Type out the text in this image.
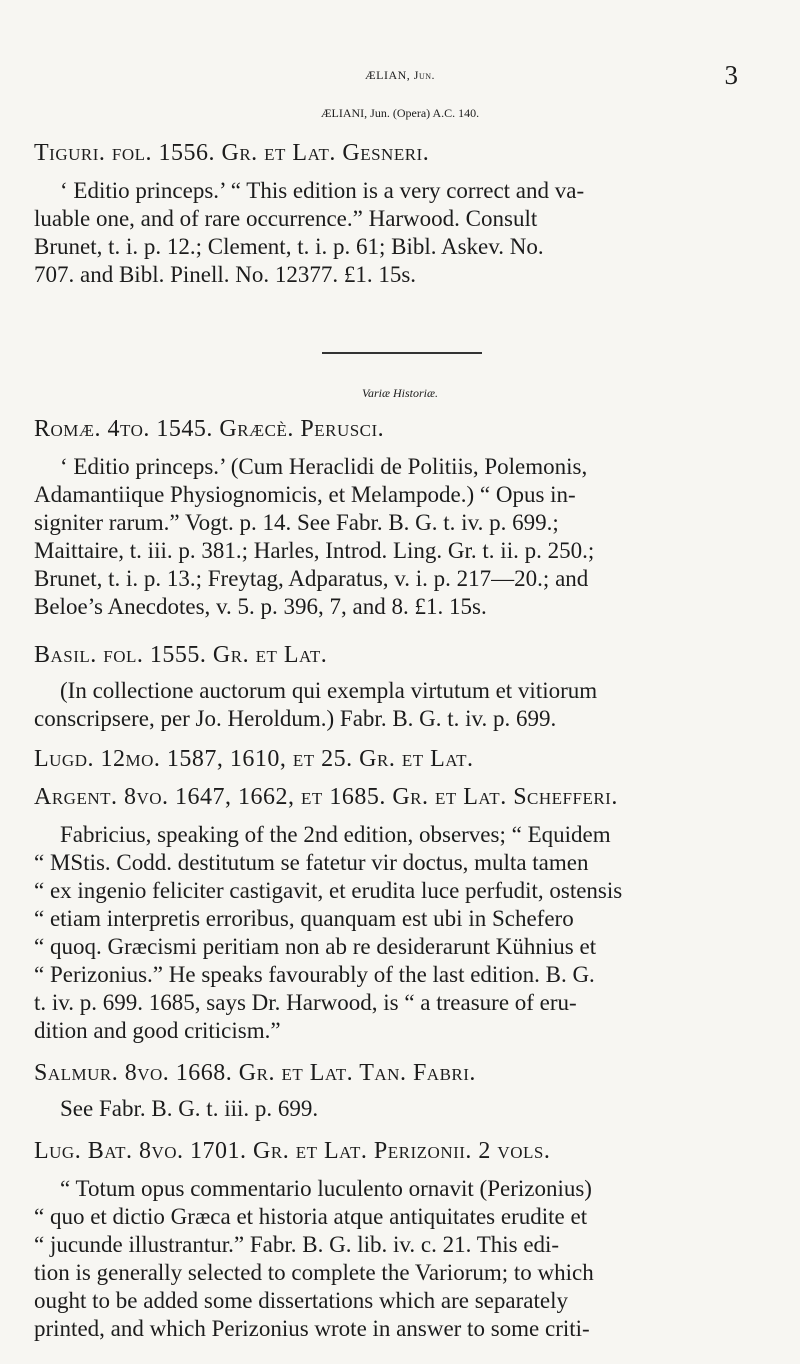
ÆLIAN, Jun.	3
ÆLIANI, Jun. (Opera) A.C. 140.
Tiguri. fol. 1556. Gr. et Lat. Gesneri.
‘ Editio princeps.’ “ This edition is a very correct and va-
luable one, and of rare occurrence.” Harwood. Consult
Brunet, t. i. p. 12.; Clement, t. i. p. 61; Bibl. Askev. No.
707. and Bibl. Pinell. No. 12377. £1. 15s.
Variæ Historiæ.
Romæ. 4to. 1545. Græcè. Perusci.
‘ Editio princeps.’ (Cum Heraclidi de Politiis, Polemonis,
Adamantiique Physiognomicis, et Melampode.) “ Opus in-
signiter rarum.” Vogt. p. 14. See Fabr. B. G. t. iv. p. 699.;
Maittaire, t. iii. p. 381.; Harles, Introd. Ling. Gr. t. ii. p. 250.;
Brunet, t. i. p. 13.; Freytag, Adparatus, v. i. p. 217—20.; and
Beloe’s Anecdotes, v. 5. p. 396, 7, and 8. £1. 15s.
Basil. fol. 1555. Gr. et Lat.
(In collectione auctorum qui exempla virtutum et vitiorum
conscripsere, per Jo. Heroldum.) Fabr. B. G. t. iv. p. 699.
Lugd. 12mo. 1587, 1610, et 25. Gr. et Lat.
Argent. 8vo. 1647, 1662, et 1685. Gr. et Lat. Schefferi.
Fabricius, speaking of the 2nd edition, observes; “ Equidem
“ MStis. Codd. destitutum se fatetur vir doctus, multa tamen
“ ex ingenio feliciter castigavit, et erudita luce perfudit, ostensis
“ etiam interpretis erroribus, quanquam est ubi in Schefero
“ quoq. Græcismi peritiam non ab re desiderarunt Kühnius et
“ Perizonius.” He speaks favourably of the last edition. B. G.
t. iv. p. 699. 1685, says Dr. Harwood, is “ a treasure of eru-
dition and good criticism.”
Salmur. 8vo. 1668. Gr. et Lat. Tan. Fabri.
See Fabr. B. G. t. iii. p. 699.
Lug. Bat. 8vo. 1701. Gr. et Lat. Perizonii. 2 vols.
“ Totum opus commentario luculento ornavit (Perizonius)
“ quo et dictio Græca et historia atque antiquitates erudite et
“ jucunde illustrantur.” Fabr. B. G. lib. iv. c. 21. This edi-
tion is generally selected to complete the Variorum; to which
ought to be added some dissertations which are separately
printed, and which Perizonius wrote in answer to some criti-
